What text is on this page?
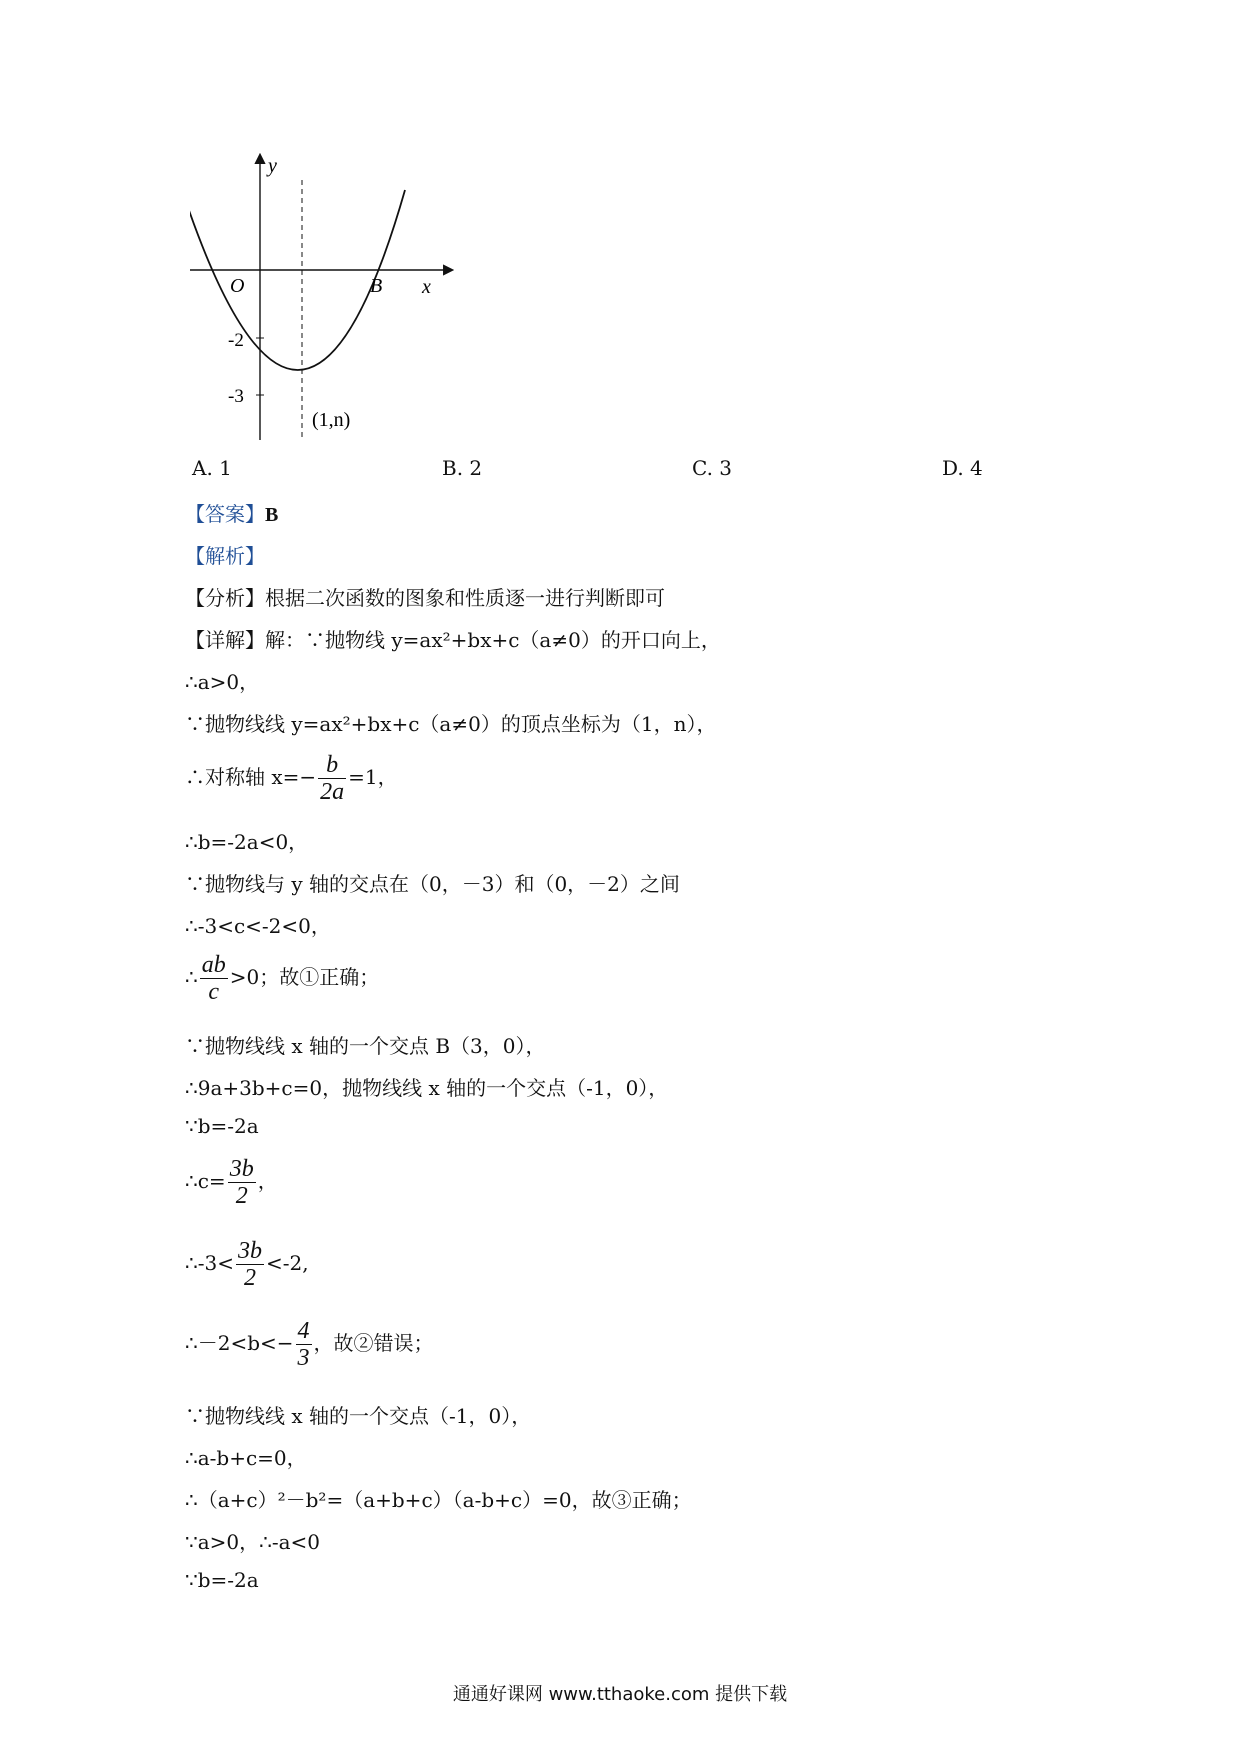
y
x
O	B
-2
-3
(1,n)
A. 1	B. 2	C. 3	D. 4
【答案】B
【解析】
【分析】根据二次函数的图象和性质逐一进行判断即可
【详解】解：∵抛物线 y=ax²+bx+c（a≠0）的开口向上，
∴a>0，
∵抛物线线 y=ax²+bx+c（a≠0）的顶点坐标为（1，n），
∴对称轴 $x=- \frac{b}{2a} =1$，
∴b=-2a<0，
∵抛物线与 y 轴的交点在（0，－3）和（0，－2）之间
∴-3<c<-2<0，
∴ $\frac{ab}{c} >0$；故①正确；
∵抛物线线 x 轴的一个交点 B（3，0），
∴9a+3b+c=0，抛物线线 x 轴的一个交点（-1，0），
∵b=-2a
∴c= $\frac{3b}{2}$ ，
∴-3< $\frac{3b}{2} <-2$,
∴－2<b<− $\frac{4}{3}$ ，故②错误；
∵抛物线线 x 轴的一个交点（-1，0），
∴a-b+c=0，
∴（a+c）²－b²=（a+b+c）（a-b+c）=0，故③正确；
∵a>0，∴-a<0
∵b=-2a
通通好课网 www.tthaoke.com 提供下载
